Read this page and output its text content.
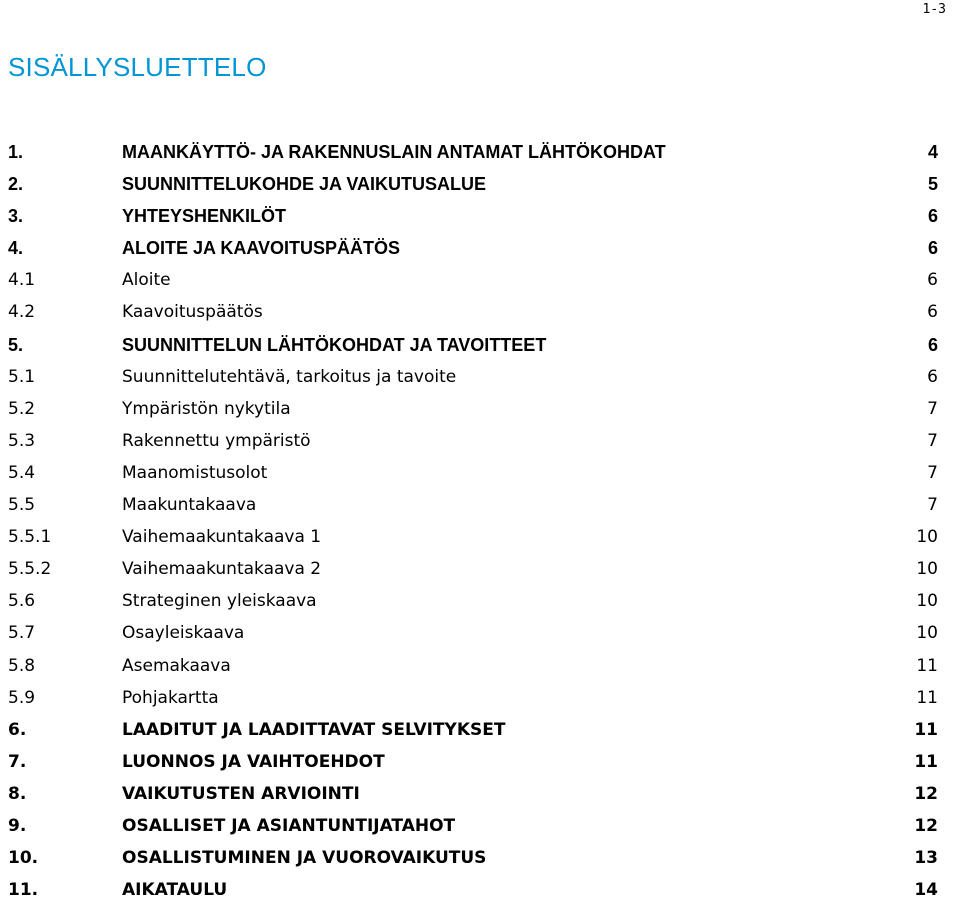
1-3
SISÄLLYSLUETTELO
1.	MAANKÄYTTÖ- JA RAKENNUSLAIN ANTAMAT LÄHTÖKOHDAT	4
2.	SUUNNITTELUKOHDE JA VAIKUTUSALUE	5
3.	YHTEYSHENKILÖT	6
4.	ALOITE JA KAAVOITUSPÄÄTÖS	6
4.1	Aloite	6
4.2	Kaavoituspäätös	6
5.	SUUNNITTELUN LÄHTÖKOHDAT JA TAVOITTEET	6
5.1	Suunnittelutehtävä, tarkoitus ja tavoite	6
5.2	Ympäristön nykytila	7
5.3	Rakennettu ympäristö	7
5.4	Maanomistusolot	7
5.5	Maakuntakaava	7
5.5.1	Vaihemaakuntakaava 1	10
5.5.2	Vaihemaakuntakaava 2	10
5.6	Strateginen yleiskaava	10
5.7	Osayleiskaava	10
5.8	Asemakaava	11
5.9	Pohjakartta	11
6.	LAADITUT JA LAADITTAVAT SELVITYKSET	11
7.	LUONNOS JA VAIHTOEHDOT	11
8.	VAIKUTUSTEN ARVIOINTI	12
9.	OSALLISET JA ASIANTUNTIJATAHOT	12
10.	OSALLISTUMINEN JA VUOROVAIKUTUS	13
11.	AIKATAULU	14
